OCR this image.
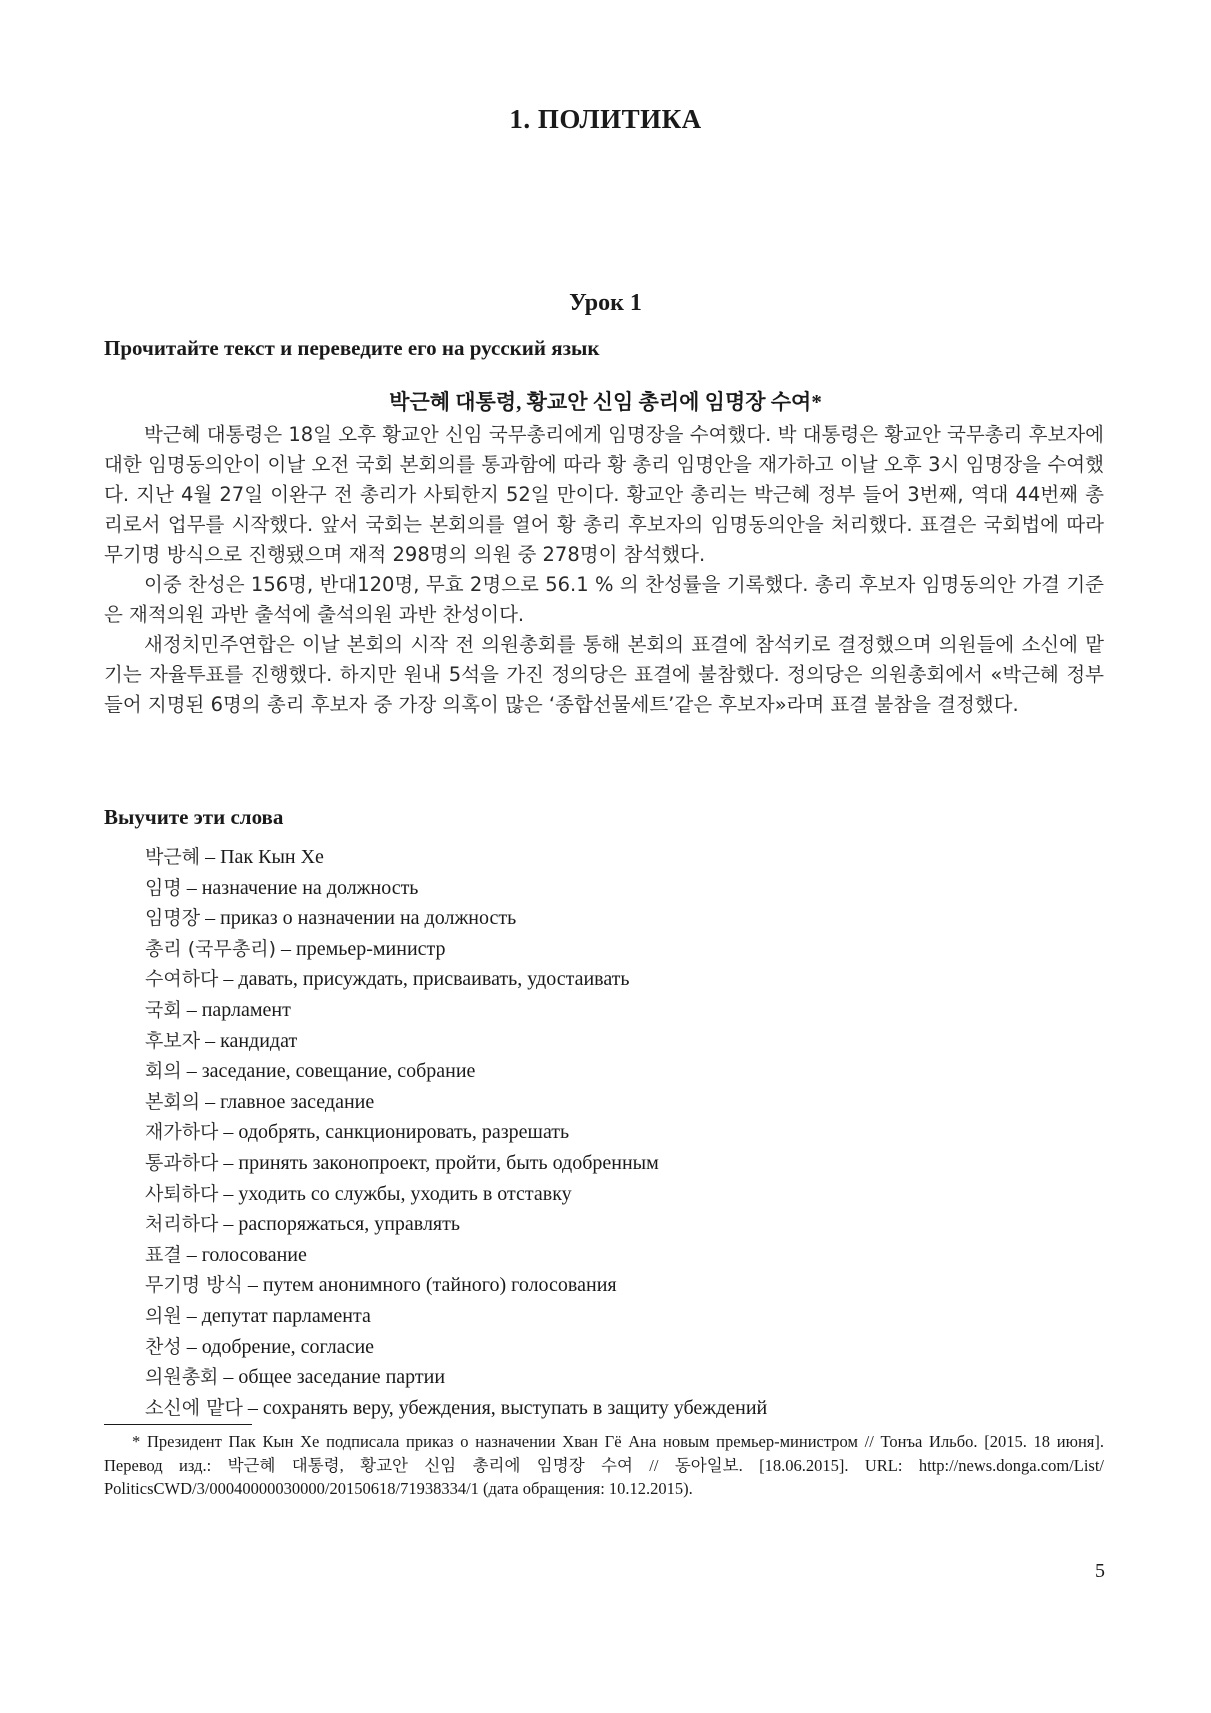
1. ПОЛИТИКА
Урок 1
Прочитайте текст и переведите его на русский язык
박근혜 대통령, 황교안 신임 총리에 임명장 수여*

박근혜 대통령은 18일 오후 황교안 신임 국무총리에게 임명장을 수여했다. 박 대통령은 황교안 국무총리 후보자에 대한 임명동의안이 이날 오전 국회 본회의를 통과함에 따라 황 총리 임명안을 재가하고 이날 오후 3시 임명장을 수여했다. 지난 4월 27일 이완구 전 총리가 사퇴한지 52일 만이다. 황교안 총리는 박근혜 정부 들어 3번째, 역대 44번째 총리로서 업무를 시작했다. 앞서 국회는 본회의를 열어 황 총리 후보자의 임명동의안을 처리했다. 표결은 국회법에 따라 무기명 방식으로 진행됐으며 재적 298명의 의원 중 278명이 참석했다.

이중 찬성은 156명, 반대120명, 무효 2명으로 56.1 % 의 찬성률을 기록했다. 총리 후보자 임명동의안 가결 기준은 재적의원 과반 출석에 출석의원 과반 찬성이다.

새정치민주연합은 이날 본회의 시작 전 의원총회를 통해 본회의 표결에 참석키로 결정했으며 의원들에 소신에 맡기는 자율투표를 진행했다. 하지만 원내 5석을 가진 정의당은 표결에 불참했다. 정의당은 의원총회에서 «박근혜 정부 들어 지명된 6명의 총리 후보자 중 가장 의혹이 많은 ‘종합선물세트’같은 후보자»라며 표결 불참을 결정했다.

Выучите эти слова
박근혜 – Пак Кын Хе
임명 – назначение на должность
임명장 – приказ о назначении на должность
총리 (국무총리) – премьер-министр
수여하다 – давать, присуждать, присваивать, удостаивать
국회 – парламент
후보자 – кандидат
회의 – заседание, совещание, собрание
본회의 – главное заседание
재가하다 – одобрять, санкционировать, разрешать
통과하다 – принять законопроект, пройти, быть одобренным
사퇴하다 – уходить со службы, уходить в отставку
처리하다 – распоряжаться, управлять
표결 – голосование
무기명 방식 – путем анонимного (тайного) голосования
의원 – депутат парламента
찬성 – одобрение, согласие
의원총회 – общее заседание партии
소신에 맡다 – сохранять веру, убеждения, выступать в защиту убеждений

* Президент Пак Кын Хе подписала приказ о назначении Хван Гё Ана новым премьер-министром // Тонъа Ильбо. [2015. 18 июня]. Перевод изд.: 박근혜 대통령, 황교안 신임 총리에 임명장 수여 // 동아일보. [18.06.2015]. URL: http://news.donga.com/List/ PoliticsCWD/3/00040000030000/20150618/71938334/1 (дата обращения: 10.12.2015).

5
